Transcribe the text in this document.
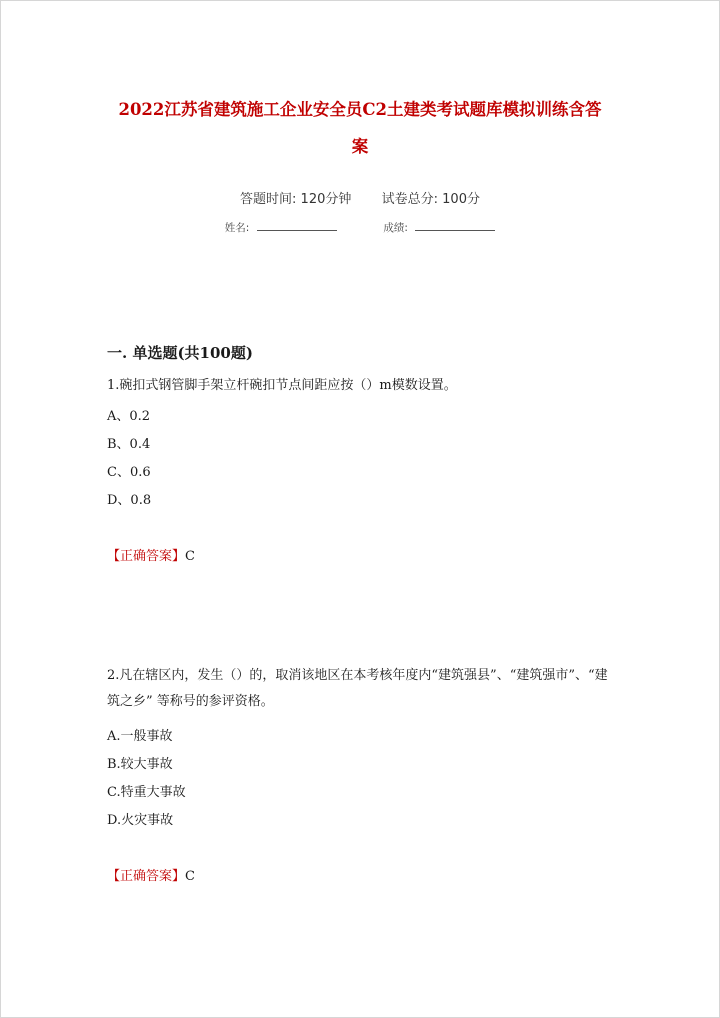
2022江苏省建筑施工企业安全员C2土建类考试题库模拟训练含答
案
答题时间: 120分钟 试卷总分: 100分
姓名:	成绩:
一. 单选题(共100题)

1.碗扣式钢管脚手架立杆碗扣节点间距应按（）m模数设置。

A、0.2

B、0.4

C、0.6

D、0.8

【正确答案】C

2.凡在辖区内，发生（）的，取消该地区在本考核年度内“建筑强县”、“建筑强市”、“建筑之乡” 等称号的参评资格。

A.一般事故

B.较大事故

C.特重大事故

D.火灾事故

【正确答案】C
